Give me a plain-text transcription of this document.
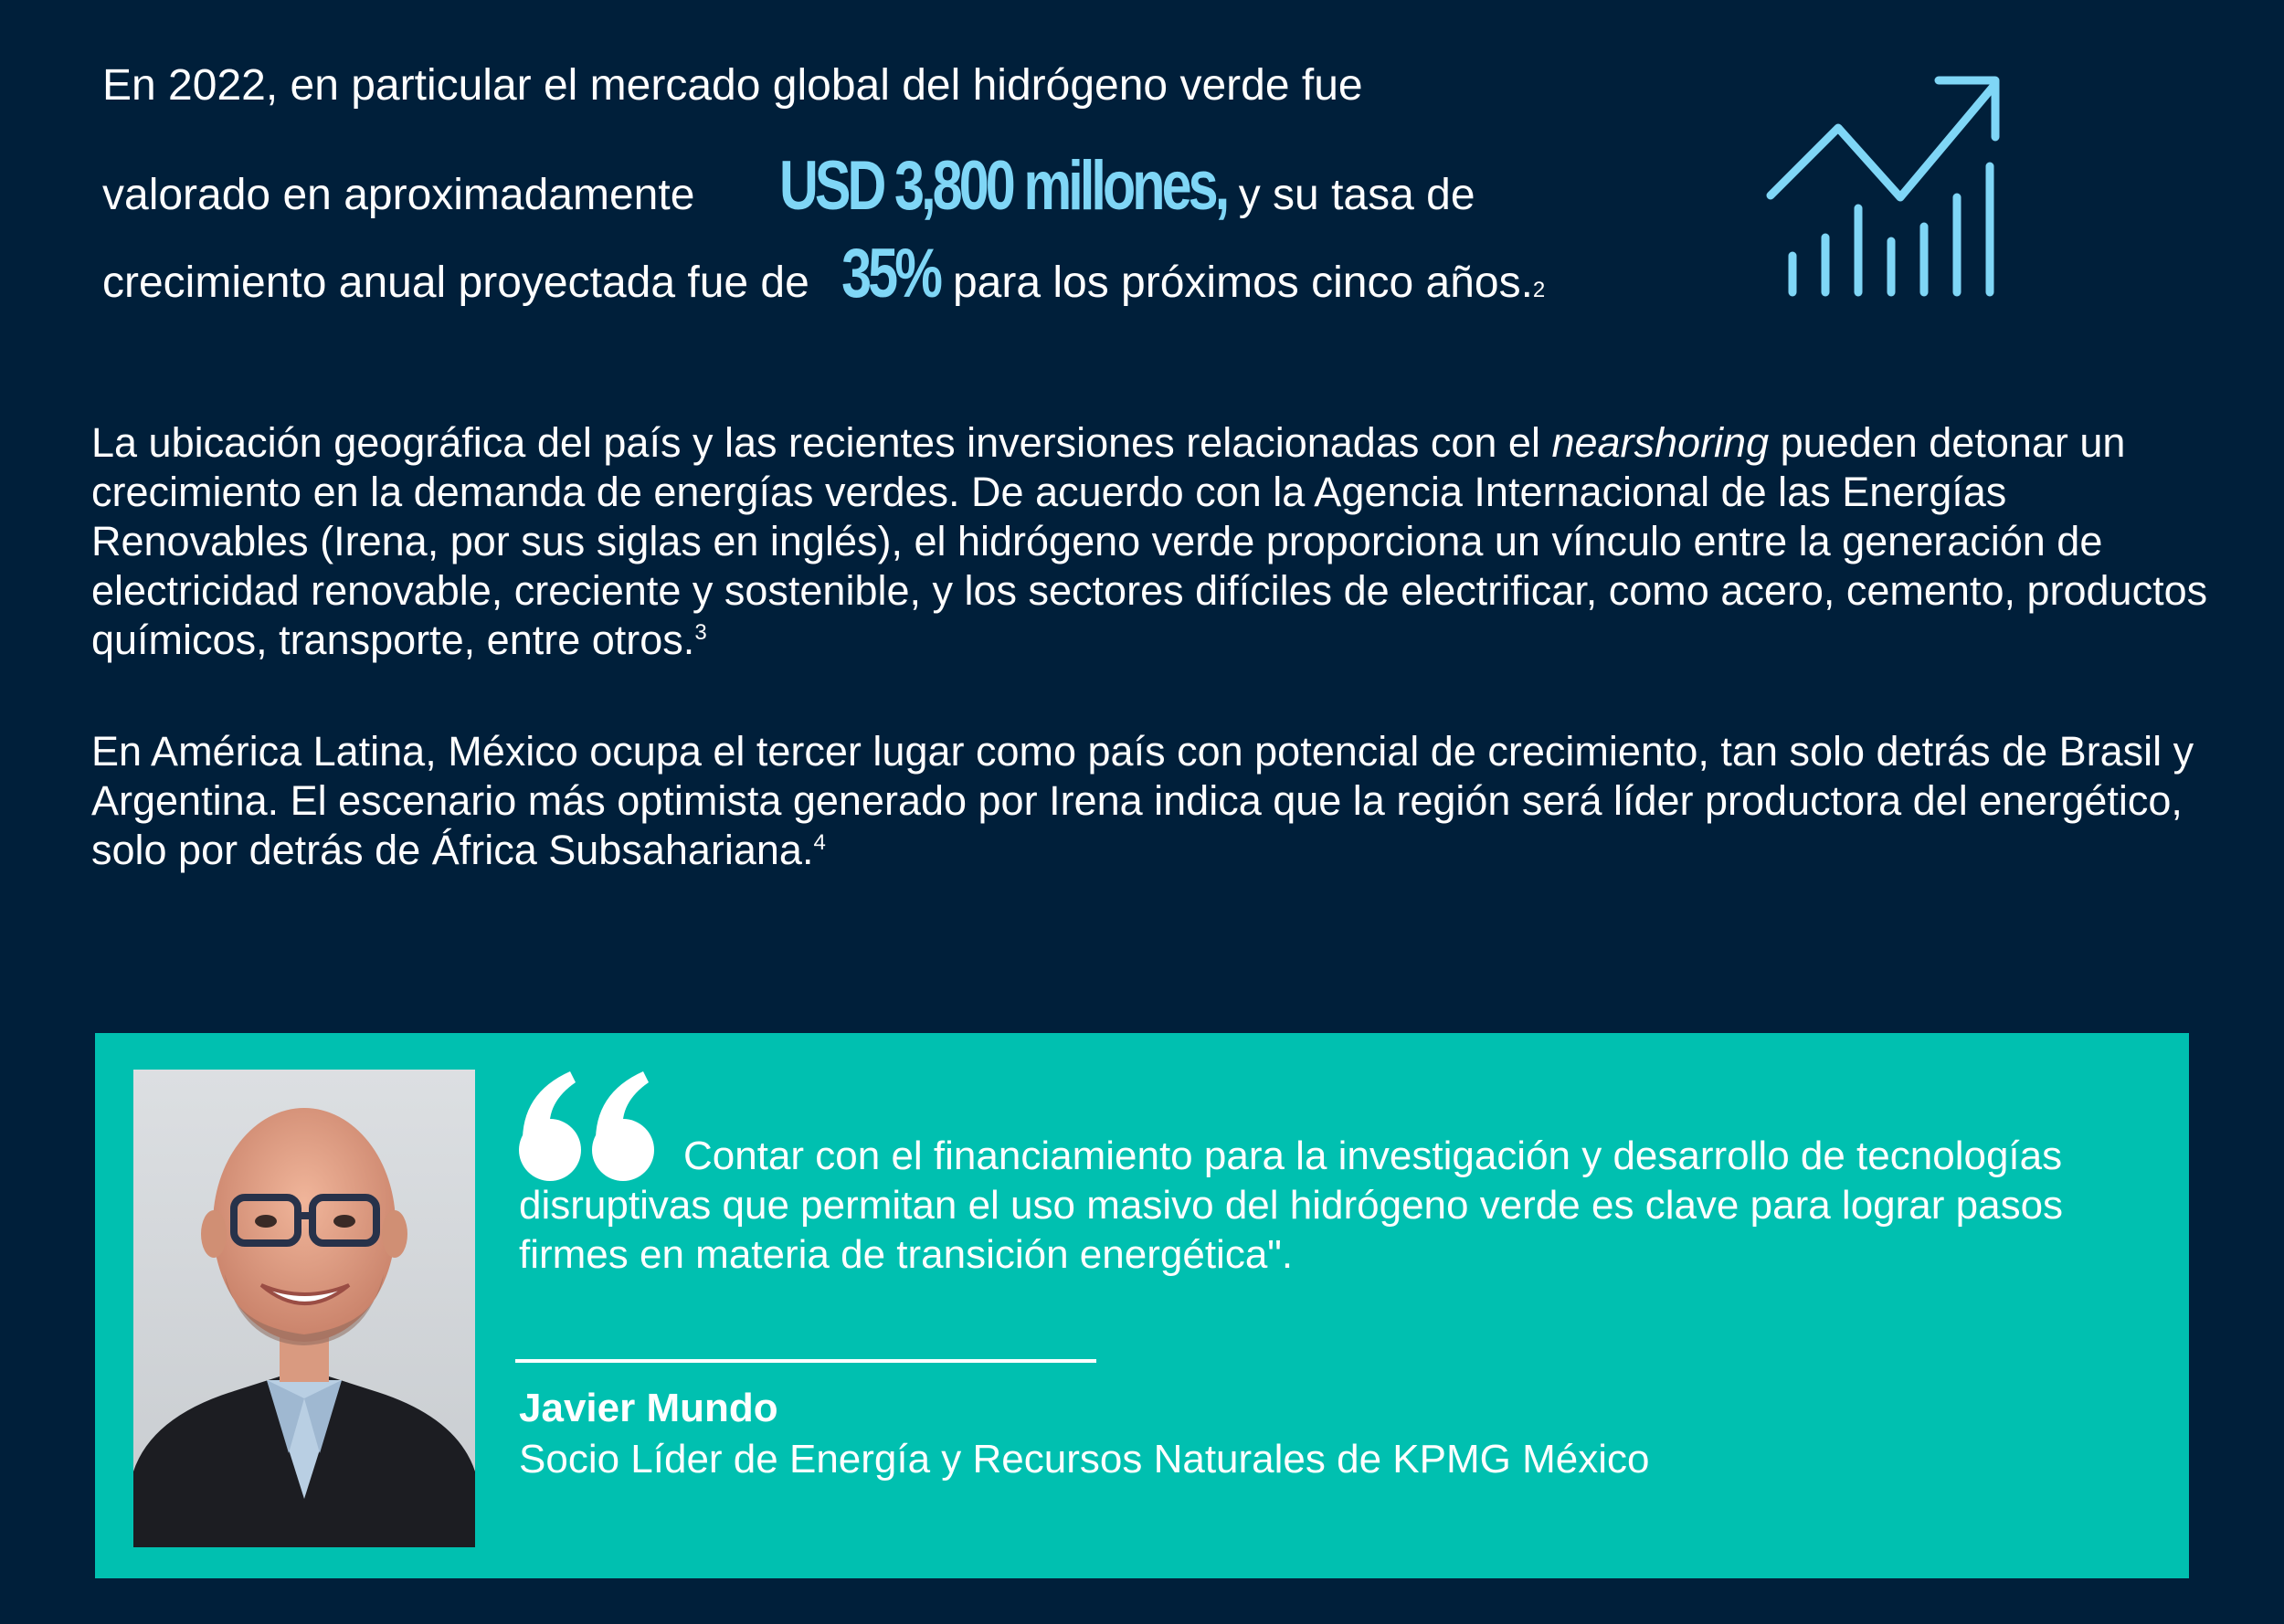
En 2022, en particular el mercado global del hidrógeno verde fue
valorado en aproximadamente USD 3,800 millones, y su tasa de
crecimiento anual proyectada fue de 35% para los próximos cinco años. 2

La ubicación geográfica del país y las recientes inversiones relacionadas con el nearshoring pueden detonar un crecimiento en la demanda de energías verdes. De acuerdo con la Agencia Internacional de las Energías Renovables (Irena, por sus siglas en inglés), el hidrógeno verde proporciona un vínculo entre la generación de electricidad renovable, creciente y sostenible, y los sectores difíciles de electrificar, como acero, cemento, productos químicos, transporte, entre otros.$^3$

En América Latina, México ocupa el tercer lugar como país con potencial de crecimiento, tan solo detrás de Brasil y Argentina. El escenario más optimista generado por Irena indica que la región será líder productora del energético, solo por detrás de África Subsahariana.$^4$

Contar con el financiamiento para la investigación y desarrollo de tecnologías disruptivas que permitan el uso masivo del hidrógeno verde es clave para lograr pasos firmes en materia de transición energética".

Javier Mundo
Socio Líder de Energía y Recursos Naturales de KPMG México
